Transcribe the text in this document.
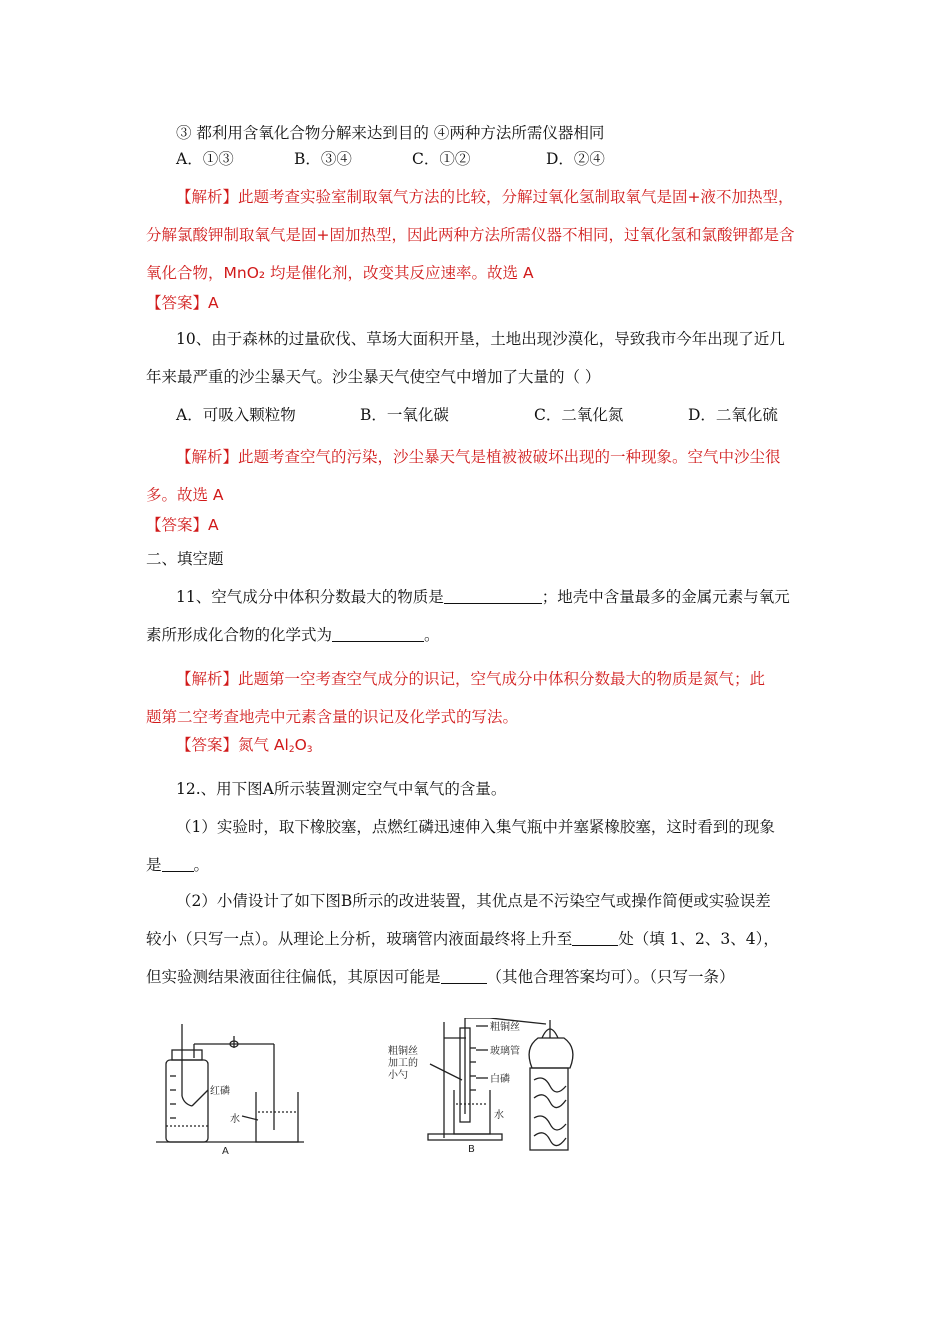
③ 都利用含氧化合物分解来达到目的 ④两种方法所需仪器相同
A．①③	B．③④	C．①②	D．②④
【解析】此题考查实验室制取氧气方法的比较，分解过氧化氢制取氧气是固+液不加热型，
分解氯酸钾制取氧气是固+固加热型，因此两种方法所需仪器不相同，过氧化氢和氯酸钾都是含
氧化合物，MnO₂ 均是催化剂，改变其反应速率。故选 A
【答案】A
10、由于森林的过量砍伐、草场大面积开垦，土地出现沙漠化，导致我市今年出现了近几
年来最严重的沙尘暴天气。沙尘暴天气使空气中增加了大量的（ ）
A．可吸入颗粒物	B．一氧化碳	C．二氧化氮	D．二氧化硫
【解析】此题考查空气的污染，沙尘暴天气是植被被破坏出现的一种现象。空气中沙尘很
多。故选 A
【答案】A
二、填空题
11、空气成分中体积分数最大的物质是	；地壳中含量最多的金属元素与氧元
素所形成化合物的化学式为	。
【解析】此题第一空考查空气成分的识记，空气成分中体积分数最大的物质是氮气；此
题第二空考查地壳中元素含量的识记及化学式的写法。
【答案】氮气 $Al_2O_3$
12.、用下图A所示装置测定空气中氧气的含量。
（1）实验时，取下橡胶塞，点燃红磷迅速伸入集气瓶中并塞紧橡胶塞，这时看到的现象
是 。
（2）小倩设计了如下图B所示的改进装置，其优点是不污染空气或操作简便或实验误差
较小（只写一点）。从理论上分析，玻璃管内液面最终将上升至	处（填 1、2、3、4），
但实验测结果液面往往偏低，其原因可能是	（其他合理答案均可）。（只写一条）
红磷
水
A
粗铜丝
玻璃管
粗铜丝
加工的
小勺	白磷
水
B
